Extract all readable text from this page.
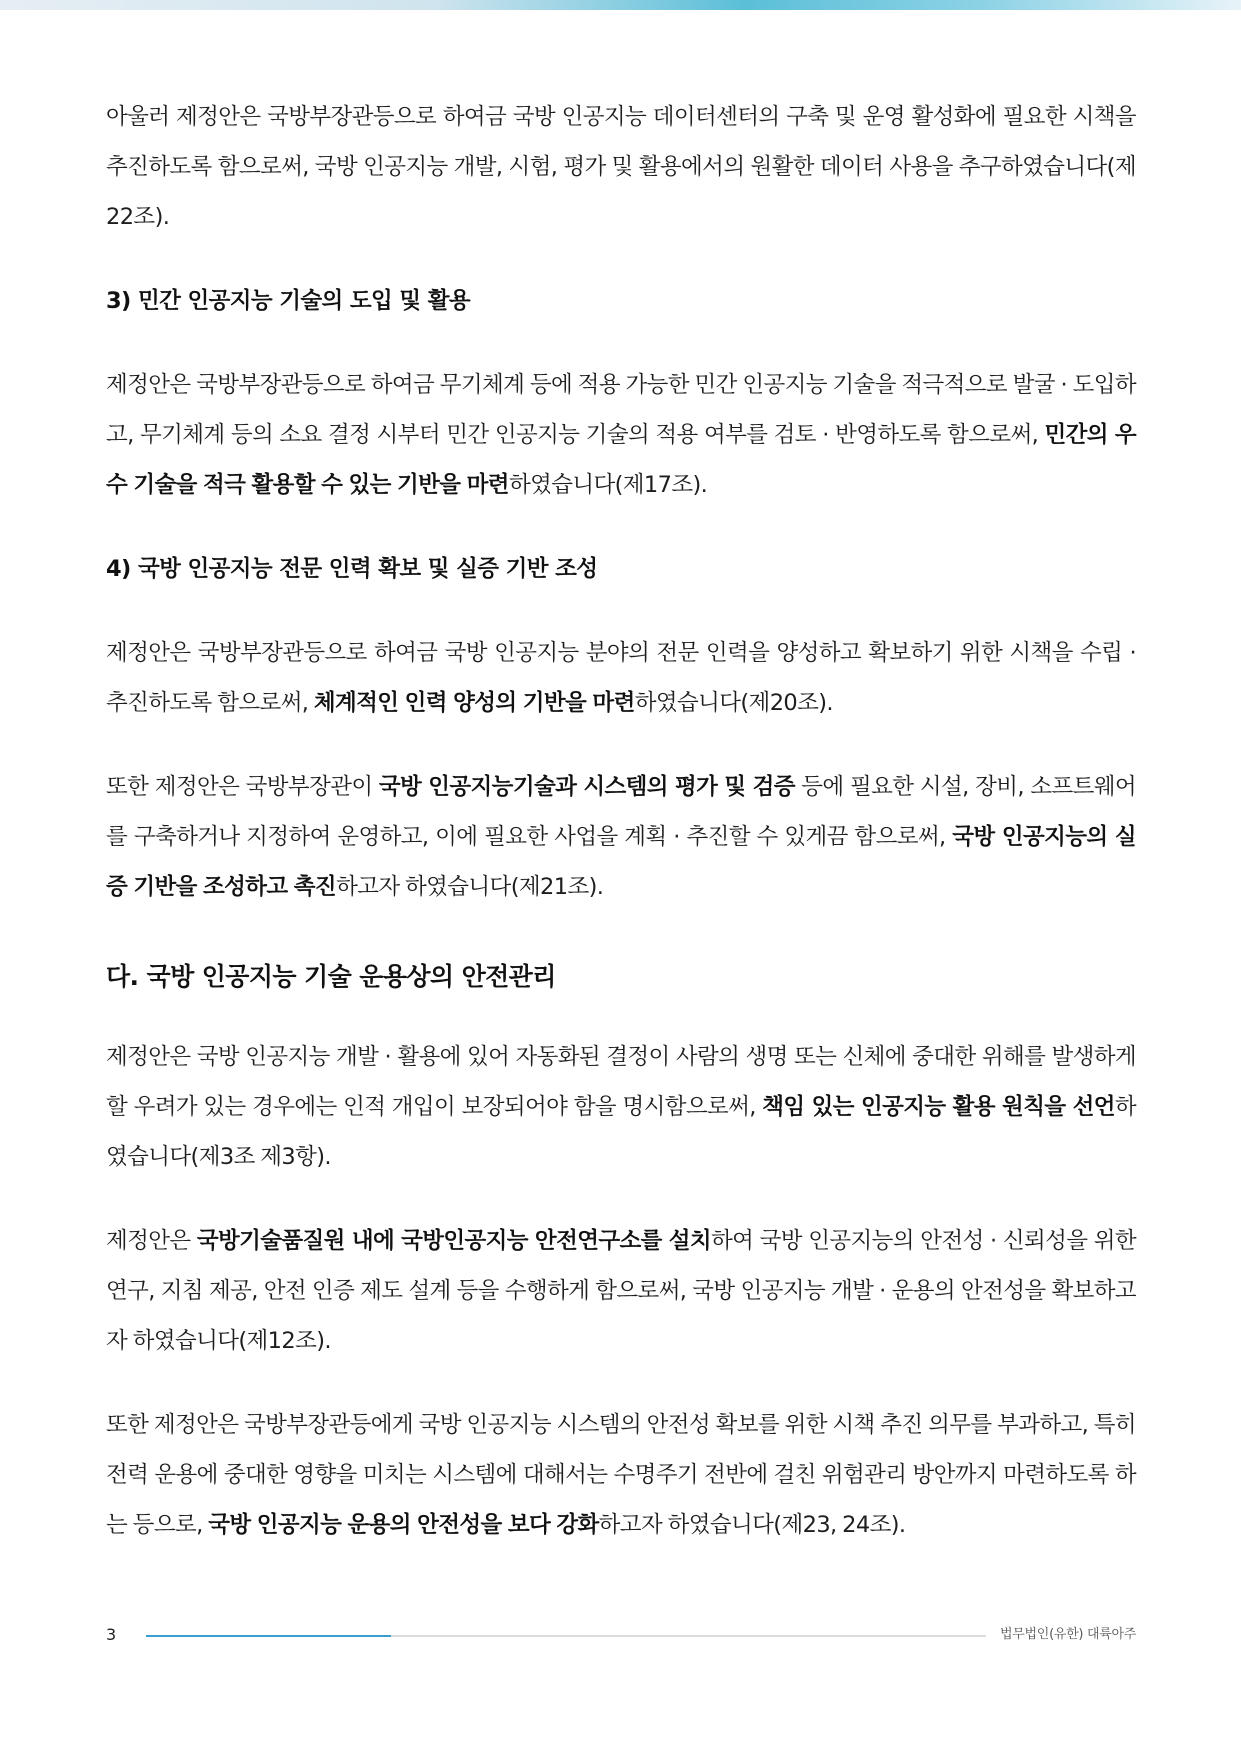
아울러 제정안은 국방부장관등으로 하여금 국방 인공지능 데이터센터의 구축 및 운영 활성화에 필요한 시책을 추진하도록 함으로써, 국방 인공지능 개발, 시험, 평가 및 활용에서의 원활한 데이터 사용을 추구하였습니다(제22조).

3) 민간 인공지능 기술의 도입 및 활용

제정안은 국방부장관등으로 하여금 무기체계 등에 적용 가능한 민간 인공지능 기술을 적극적으로 발굴 · 도입하고, 무기체계 등의 소요 결정 시부터 민간 인공지능 기술의 적용 여부를 검토 · 반영하도록 함으로써, 민간의 우수 기술을 적극 활용할 수 있는 기반을 마련하였습니다(제17조).

4) 국방 인공지능 전문 인력 확보 및 실증 기반 조성

제정안은 국방부장관등으로 하여금 국방 인공지능 분야의 전문 인력을 양성하고 확보하기 위한 시책을 수립 · 추진하도록 함으로써, 체계적인 인력 양성의 기반을 마련하였습니다(제20조).

또한 제정안은 국방부장관이 국방 인공지능기술과 시스템의 평가 및 검증 등에 필요한 시설, 장비, 소프트웨어를 구축하거나 지정하여 운영하고, 이에 필요한 사업을 계획 · 추진할 수 있게끔 함으로써, 국방 인공지능의 실증 기반을 조성하고 촉진하고자 하였습니다(제21조).

다. 국방 인공지능 기술 운용상의 안전관리

제정안은 국방 인공지능 개발 · 활용에 있어 자동화된 결정이 사람의 생명 또는 신체에 중대한 위해를 발생하게 할 우려가 있는 경우에는 인적 개입이 보장되어야 함을 명시함으로써, 책임 있는 인공지능 활용 원칙을 선언하였습니다(제3조 제3항).

제정안은 국방기술품질원 내에 국방인공지능 안전연구소를 설치하여 국방 인공지능의 안전성 · 신뢰성을 위한 연구, 지침 제공, 안전 인증 제도 설계 등을 수행하게 함으로써, 국방 인공지능 개발 · 운용의 안전성을 확보하고자 하였습니다(제12조).

또한 제정안은 국방부장관등에게 국방 인공지능 시스템의 안전성 확보를 위한 시책 추진 의무를 부과하고, 특히 전력 운용에 중대한 영향을 미치는 시스템에 대해서는 수명주기 전반에 걸친 위험관리 방안까지 마련하도록 하는 등으로, 국방 인공지능 운용의 안전성을 보다 강화하고자 하였습니다(제23, 24조).

3	법무법인(유한) 대륙아주
